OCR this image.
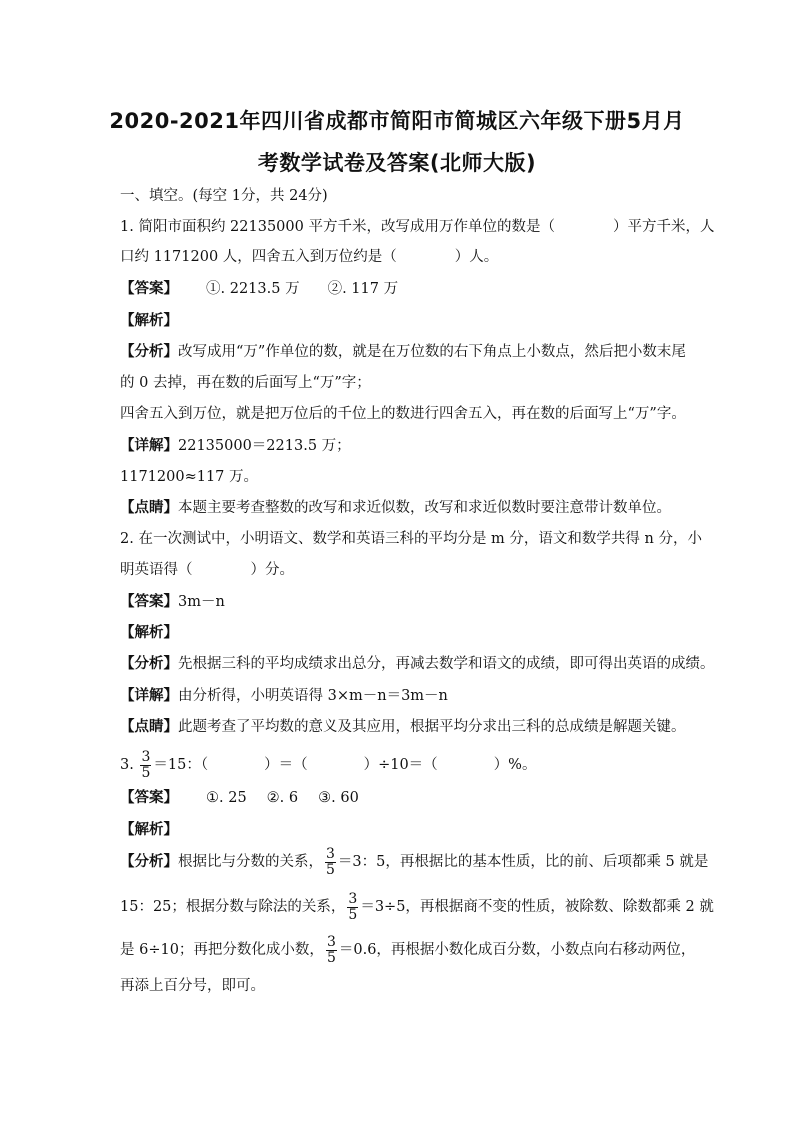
2020-2021年四川省成都市简阳市简城区六年级下册5月月
考数学试卷及答案(北师大版)
一、填空。(每空 1分，共 24分)
1. 简阳市面积约 22135000 平方千米，改写成用万作单位的数是（	）平方千米，人
口约 1171200 人，四舍五入到万位约是（	）人。
【答案】 ①. 2213.5 万 ②. 117 万
【解析】
【分析】改写成用“万”作单位的数，就是在万位数的右下角点上小数点，然后把小数末尾
的 0 去掉，再在数的后面写上“万”字；
四舍五入到万位，就是把万位后的千位上的数进行四舍五入，再在数的后面写上“万”字。
【详解】22135000＝2213.5 万；
1171200≈117 万。
【点睛】本题主要考查整数的改写和求近似数，改写和求近似数时要注意带计数单位。
2. 在一次测试中，小明语文、数学和英语三科的平均分是 m 分，语文和数学共得 n 分，小
明英语得（	）分。
【答案】3m－n
【解析】
【分析】先根据三科的平均成绩求出总分，再减去数学和语文的成绩，即可得出英语的成绩。
【详解】由分析得，小明英语得 3×m－n＝3m－n
【点睛】此题考查了平均数的意义及其应用，根据平均分求出三科的总成绩是解题关键。
3. $\frac{3}{5} =15$：（	）＝（	）÷10＝（	）%。
【答案】 ①. 25 ②. 6 ③. 60
【解析】
【分析】根据比与分数的关系， $\frac{3}{5} =3$：5，再根据比的基本性质，比的前、后项都乘 5 就是
15：25；根据分数与除法的关系， $\frac{3}{5} =3\div 5$，再根据商不变的性质，被除数、除数都乘 2 就
是 6÷10；再把分数化成小数， $\frac{3}{5} =0.6$，再根据小数化成百分数，小数点向右移动两位，
再添上百分号，即可。
